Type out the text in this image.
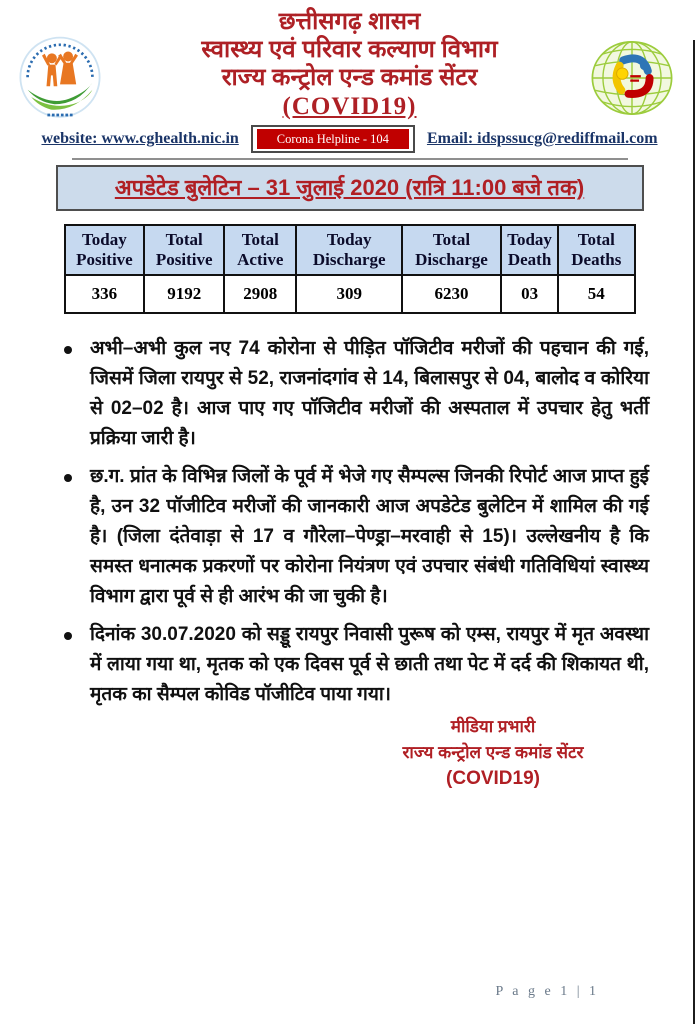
छत्तीसगढ़ शासन
स्वास्थ्य एवं परिवार कल्याण विभाग
राज्य कन्ट्रोल एन्ड कमांड सेंटर
(COVID19)
website: www.cghealth.nic.in	Corona Helpline - 104	Email: idspssucg@rediffmail.com
अपडेटेड बुलेटिन – 31 जुलाई 2020 (रात्रि 11:00 बजे तक)
Today Positive	Total Positive	Total Active	Today Discharge	Total Discharge	Today Death	Total Deaths
336	9192	2908	309	6230	03	54
अभी–अभी कुल नए 74 कोरोना से पीड़ित पॉजिटीव मरीजों की पहचान की गई, जिसमें जिला रायपुर से 52, राजनांदगांव से 14, बिलासपुर से 04, बालोद व कोरिया से 02–02 है। आज पाए गए पॉजिटीव मरीजों की अस्पताल में उपचार हेतु भर्ती प्रक्रिया जारी है।
छ.ग. प्रांत के विभिन्न जिलों के पूर्व में भेजे गए सैम्पल्स जिनकी रिपोर्ट आज प्राप्त हुई है, उन 32 पॉजीटिव मरीजों की जानकारी आज अपडेटेड बुलेटिन में शामिल की गई है। (जिला दंतेवाड़ा से 17 व गौरेला–पेण्ड्रा–मरवाही से 15)। उल्लेखनीय है कि समस्त धनात्मक प्रकरणों पर कोरोना नियंत्रण एवं उपचार संबंधी गतिविधियां स्वास्थ्य विभाग द्वारा पूर्व से ही आरंभ की जा चुकी है।
दिनांक 30.07.2020 को सड्डू रायपुर निवासी पुरूष को एम्स, रायपुर में मृत अवस्था में लाया गया था, मृतक को एक दिवस पूर्व से छाती तथा पेट में दर्द की शिकायत थी, मृतक का सैम्पल कोविड पॉजीटिव पाया गया।
मीडिया प्रभारी
राज्य कन्ट्रोल एन्ड कमांड सेंटर
(COVID19)
P a g e 1 | 1
